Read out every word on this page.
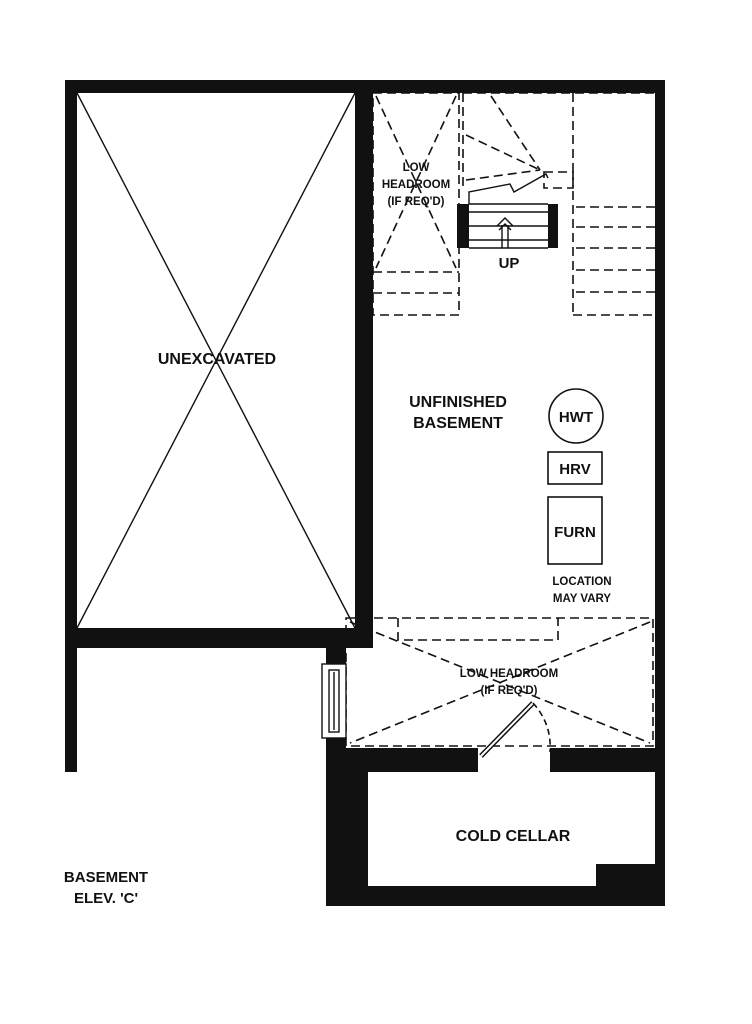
UNEXCAVATED
UNFINISHED
BASEMENT
LOW
HEADROOM
(IF REQ'D)
UP
HWT
HRV
FURN
LOCATION
MAY VARY
LOW HEADROOM
(IF REQ'D)
COLD CELLAR
BASEMENT
ELEV. 'C'
